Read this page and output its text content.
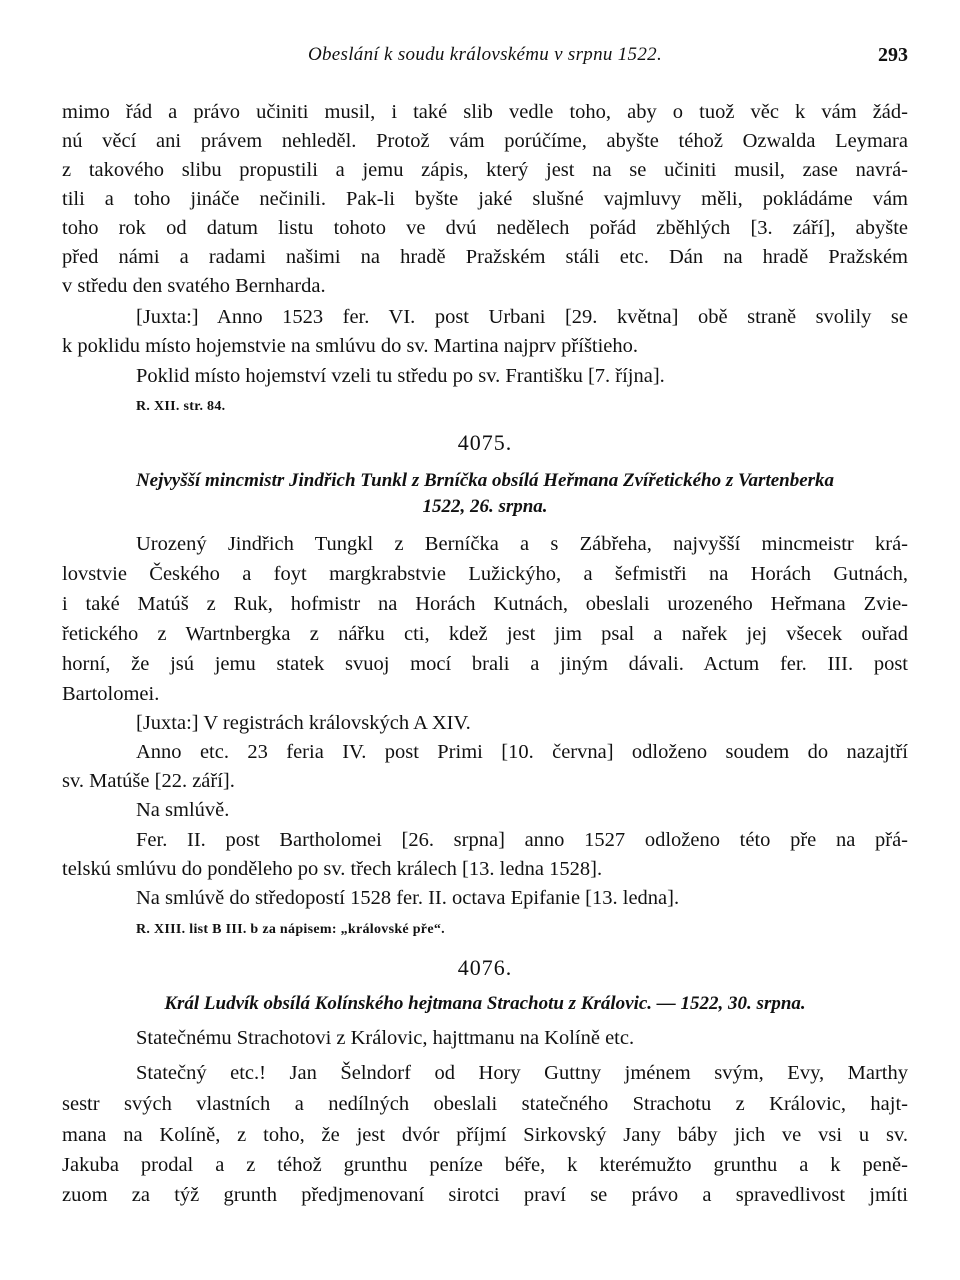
Obeslání k soudu královskému v srpnu 1522.	293
mimo řád a právo učiniti musil, i také slib vedle toho, aby o tuož věc k vám žád-
nú věcí ani právem nehleděl. Protož vám porúčíme, abyšte téhož Ozwalda Leymara
z takového slibu propustili a jemu zápis, který jest na se učiniti musil, zase navrá-
tili a toho jináče nečinili. Pak-li byšte jaké slušné vajmluvy měli, pokládáme vám
toho rok od datum listu tohoto ve dvú nedělech pořád zběhlých [3. září], abyšte
před námi a radami našimi na hradě Pražském stáli etc. Dán na hradě Pražském
v středu den svatého Bernharda.
[Juxta:] Anno 1523 fer. VI. post Urbani [29. května] obě straně svolily se
k poklidu místo hojemstvie na smlúvu do sv. Martina najprv příštieho.
Poklid místo hojemství vzeli tu středu po sv. Františku [7. října].
R. XII. str. 84.
4075.
Nejvyšší mincmistr Jindřich Tunkl z Brníčka obsílá Heřmana Zvířetického z Vartenberka
1522, 26. srpna.
Urozený Jindřich Tungkl z Berníčka a s Zábřeha, najvyšší mincmeistr krá-
lovstvie Českého a foyt margkrabstvie Lužickýho, a šefmistři na Horách Gutnách,
i také Matúš z Ruk, hofmistr na Horách Kutnách, obeslali urozeného Heřmana Zvie-
řetického z Wartnbergka z nářku cti, kdež jest jim psal a nařek jej všecek ouřad
horní, že jsú jemu statek svuoj mocí brali a jiným dávali. Actum fer. III. post
Bartolomei.
[Juxta:] V registrách královských A XIV.
Anno etc. 23 feria IV. post Primi [10. června] odloženo soudem do nazajtří
sv. Matúše [22. září].
Na smlúvě.
Fer. II. post Bartholomei [26. srpna] anno 1527 odloženo této pře na přá-
telskú smlúvu do ponděleho po sv. třech králech [13. ledna 1528].
Na smlúvě do středopostí 1528 fer. II. octava Epifanie [13. ledna].
R. XIII. list B III. b za nápisem: „královské pře“.
4076.
Král Ludvík obsílá Kolínského hejtmana Strachotu z Královic. — 1522, 30. srpna.
Statečnému Strachotovi z Královic, hajttmanu na Kolíně etc.
Statečný etc.! Jan Šelndorf od Hory Guttny jménem svým, Evy, Marthy
sestr svých vlastních a nedílných obeslali statečného Strachotu z Královic, hajt-
mana na Kolíně, z toho, že jest dvór příjmí Sirkovský Jany báby jich ve vsi u sv.
Jakuba prodal a z téhož grunthu peníze béře, k kterémužto grunthu a k peně-
zuom za týž grunth předjmenovaní sirotci praví se právo a spravedlivost jmíti
